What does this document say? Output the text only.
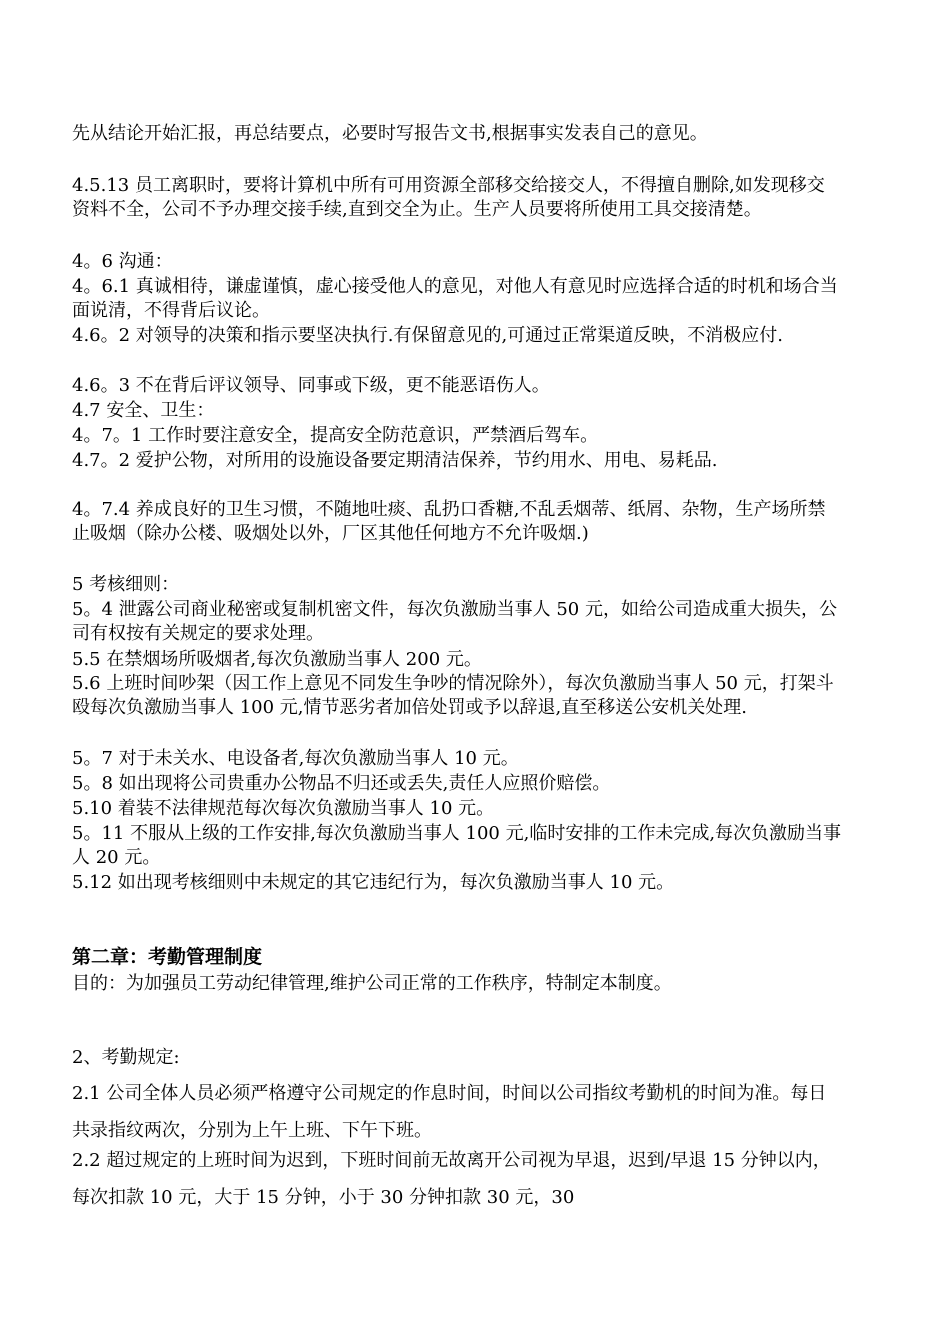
先从结论开始汇报，再总结要点，必要时写报告文书,根据事实发表自己的意见。

4.5.13 员工离职时，要将计算机中所有可用资源全部移交给接交人，不得擅自删除,如发现移交资料不全，公司不予办理交接手续,直到交全为止。生产人员要将所使用工具交接清楚。

4。6 沟通：

4。6.1 真诚相待，谦虚谨慎，虚心接受他人的意见，对他人有意见时应选择合适的时机和场合当面说清，不得背后议论。

4.6。2 对领导的决策和指示要坚决执行.有保留意见的,可通过正常渠道反映，不消极应付.

4.6。3 不在背后评议领导、同事或下级，更不能恶语伤人。

4.7 安全、卫生：

4。7。1 工作时要注意安全，提高安全防范意识，严禁酒后驾车。

4.7。2 爱护公物，对所用的设施设备要定期清洁保养，节约用水、用电、易耗品.

4。7.4 养成良好的卫生习惯，不随地吐痰、乱扔口香糖,不乱丢烟蒂、纸屑、杂物，生产场所禁止吸烟（除办公楼、吸烟处以外，厂区其他任何地方不允许吸烟.)

5 考核细则：

5。4 泄露公司商业秘密或复制机密文件，每次负激励当事人 50 元，如给公司造成重大损失，公司有权按有关规定的要求处理。

5.5 在禁烟场所吸烟者,每次负激励当事人 200 元。

5.6 上班时间吵架（因工作上意见不同发生争吵的情况除外），每次负激励当事人 50 元，打架斗殴每次负激励当事人 100 元,情节恶劣者加倍处罚或予以辞退,直至移送公安机关处理.

5。7 对于未关水、电设备者,每次负激励当事人 10 元。

5。8 如出现将公司贵重办公物品不归还或丢失,责任人应照价赔偿。

5.10 着装不法律规范每次每次负激励当事人 10 元。

5。11 不服从上级的工作安排,每次负激励当事人 100 元,临时安排的工作未完成,每次负激励当事人 20 元。

5.12 如出现考核细则中未规定的其它违纪行为，每次负激励当事人 10 元。

第二章：考勤管理制度

目的：为加强员工劳动纪律管理,维护公司正常的工作秩序，特制定本制度。

2、考勤规定:

2.1 公司全体人员必须严格遵守公司规定的作息时间，时间以公司指纹考勤机的时间为准。每日共录指纹两次，分别为上午上班、下午下班。

2.2 超过规定的上班时间为迟到，下班时间前无故离开公司视为早退，迟到/早退 15 分钟以内，每次扣款 10 元，大于 15 分钟，小于 30 分钟扣款 30 元，30
